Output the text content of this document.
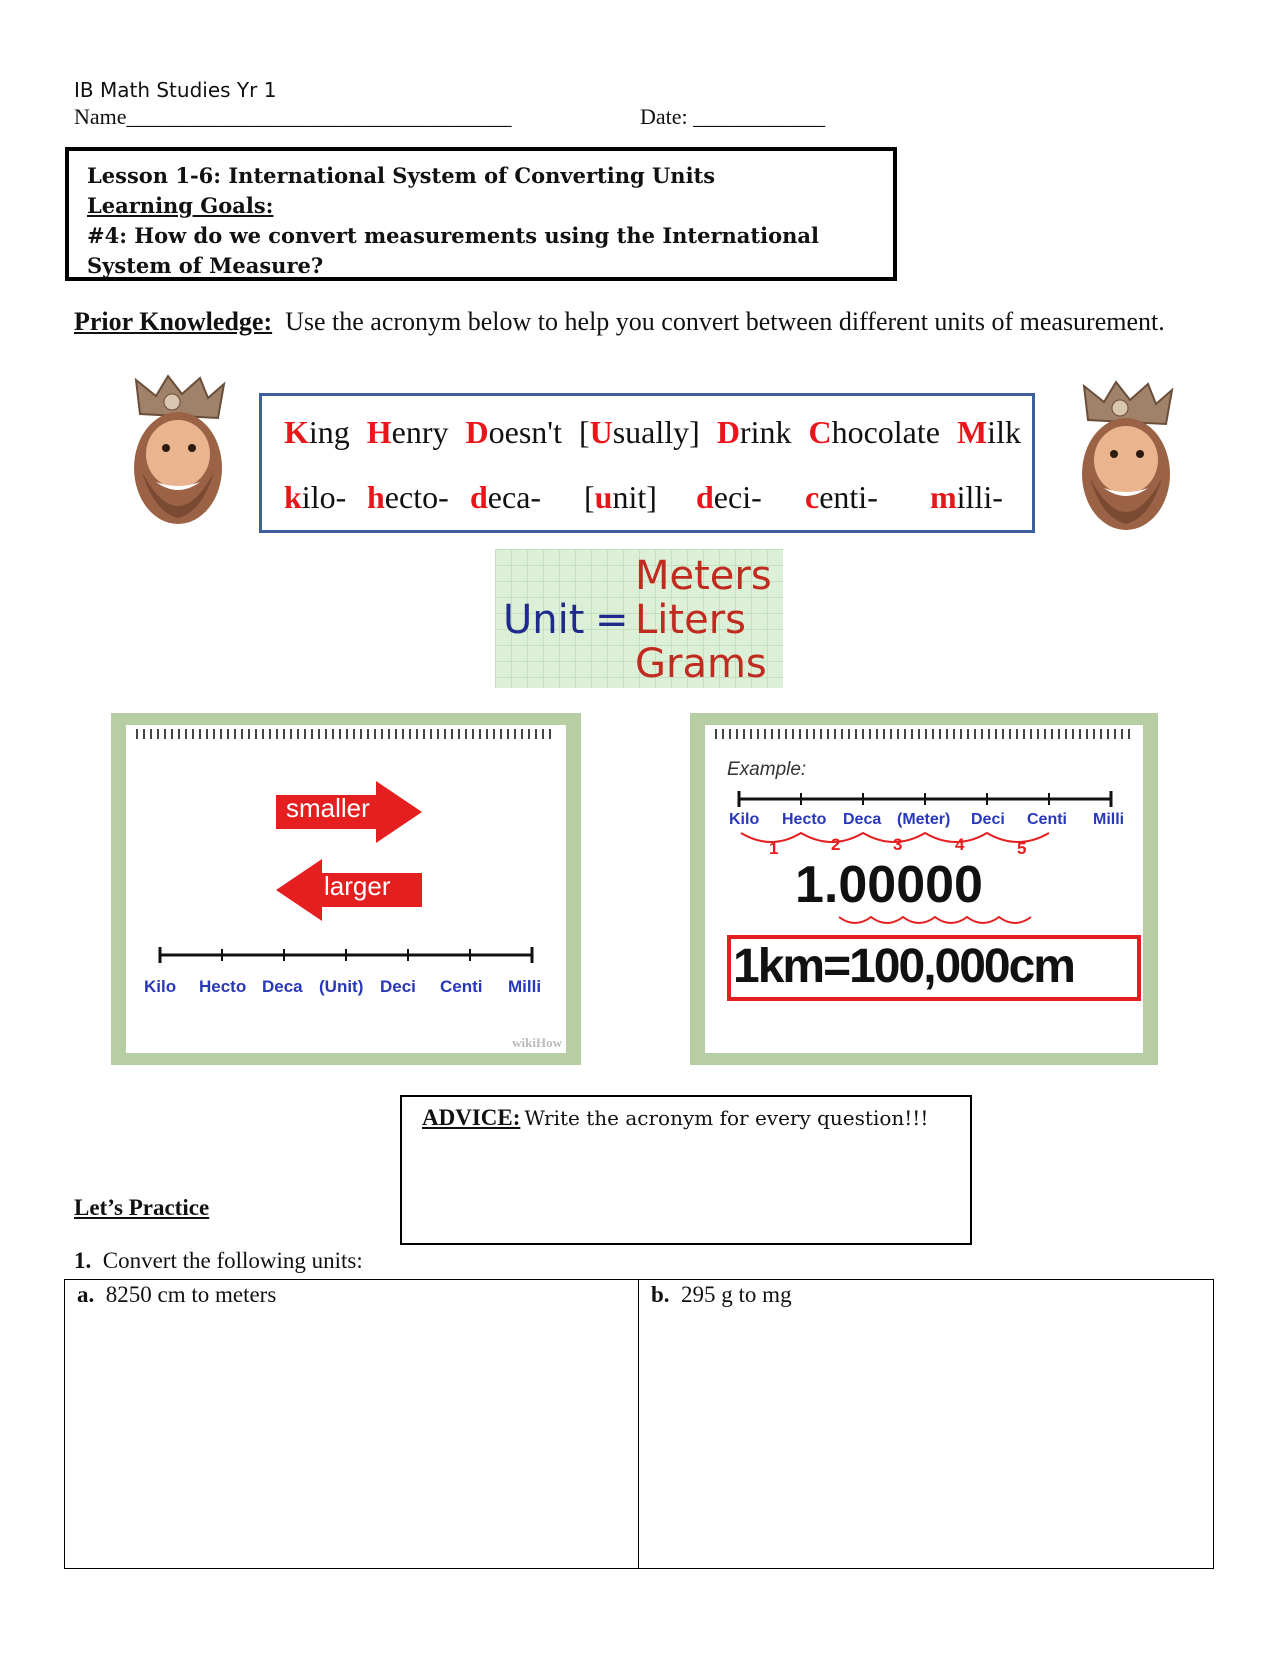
IB Math Studies Yr 1
Name___________________________________	Date: ____________
Lesson 1-6: International System of Converting Units
Learning Goals:
#4: How do we convert measurements using the International System of Measure?
Prior Knowledge: Use the acronym below to help you convert between different units of measurement.
King Henry Doesn't [Usually] Drink Chocolate Milk
kilo- hecto- deca- [unit] deci- centi- milli-
Unit =
Meters
Liters
Grams
smaller
larger
Kilo Hecto Deca (Unit) Deci Centi Milli
wikiHow
Example:
Kilo Hecto Deca (Meter) Deci Centi Milli
1	2	3	4	5
1.00000
1km=100,000cm
ADVICE: Write the acronym for every question!!!
Let’s Practice
1. Convert the following units:
a. 8250 cm to meters	b. 295 g to mg
